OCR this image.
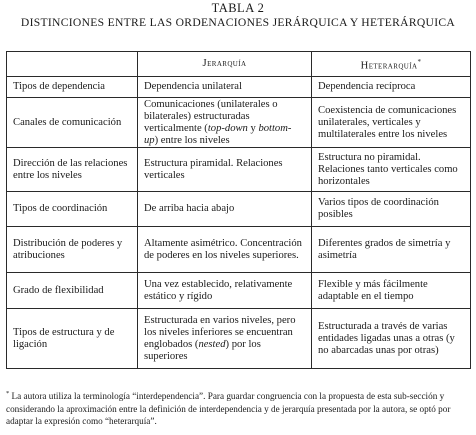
TABLA 2
DISTINCIONES ENTRE LAS ORDENACIONES JERÁRQUICA Y HETERÁRQUICA
	Jerarquía	Heterarquía*
Tipos de dependencia	Dependencia unilateral	Dependencia recíproca
Canales de comunicación	Comunicaciones (unilaterales o bilaterales) estructuradas verticalmente (top-down y bottom-up) entre los niveles	Coexistencia de comunicaciones unilaterales, verticales y multilaterales entre los niveles
Dirección de las relaciones entre los niveles	Estructura piramidal. Relaciones verticales	Estructura no piramidal. Relaciones tanto verticales como horizontales
Tipos de coordinación	De arriba hacia abajo	Varios tipos de coordinación posibles
Distribución de poderes y atribuciones	Altamente asimétrico. Concentración de poderes en los niveles superiores.	Diferentes grados de simetría y asimetría
Grado de flexibilidad	Una vez establecido, relativamente estático y rígido	Flexible y más fácilmente adaptable en el tiempo
Tipos de estructura y de ligación	Estructurada en varios niveles, pero los niveles inferiores se encuentran englobados (nested) por los superiores	Estructurada a través de varias entidades ligadas unas a otras (y no abarcadas unas por otras)
* La autora utiliza la terminología “interdependencia”. Para guardar congruencia con la propuesta de esta sub-sección y considerando la aproximación entre la definición de interdependencia y de jerarquía presentada por la autora, se optó por adaptar la expresión como “heterarquía”.
